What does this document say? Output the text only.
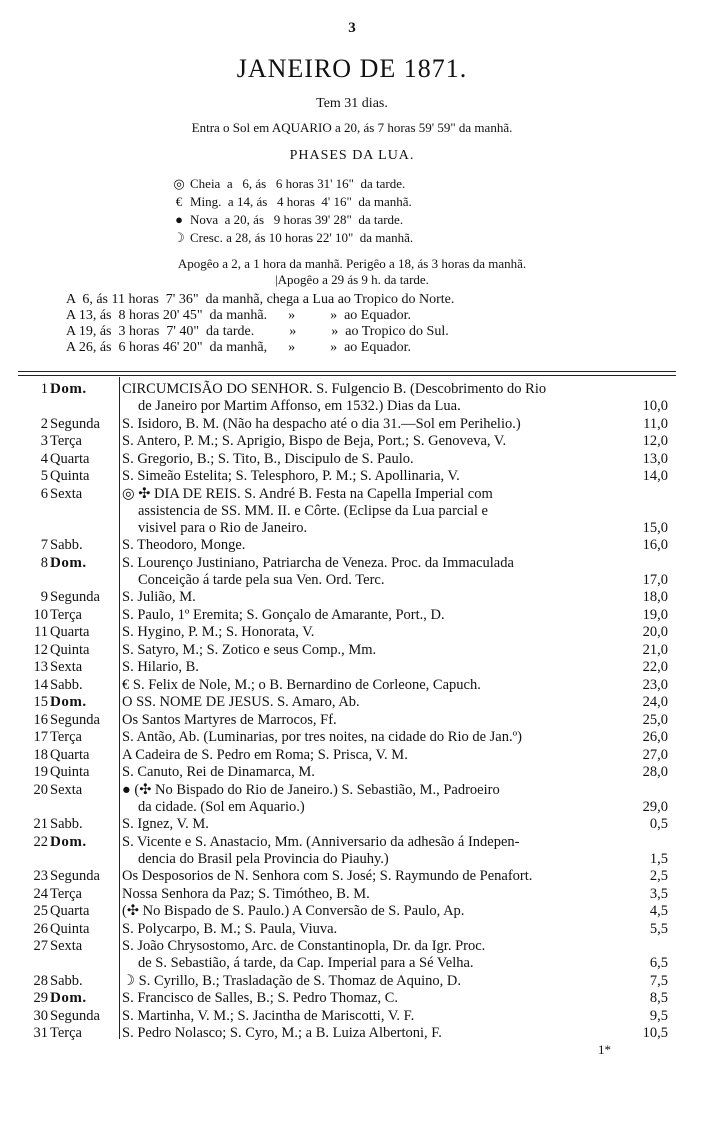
3
JANEIRO DE 1871.
Tem 31 dias.
Entra o Sol em AQUARIO a 20, ás 7 horas 59' 59" da manhã.
PHASES DA LUA.
◎ Cheia  a   6, ás   6 horas 31' 16"  da tarde.
€ Ming.  a 14, ás   4 horas  4' 16"  da manhã.
● Nova  a 20, ás   9 horas 39' 28"  da tarde.
☽ Cresc. a 28, ás 10 horas 22' 10"  da manhã.
Apogêo a 2, a 1 hora da manhã. Perigêo a 18, ás 3 horas da manhã.
|Apogêo a 29 ás 9 h. da tarde.
A  6, ás 11 horas  7' 36"  da manhã, chega a Lua ao Tropico do Norte.
A 13, ás  8 horas 20' 45"  da manhã.      »          »  ao Equador.
A 19, ás  3 horas  7' 40"  da tarde.          »          »  ao Tropico do Sul.
A 26, ás  6 horas 46' 20"  da manhã,      »          »  ao Equador.
1 Dom. CIRCUMCISÃO DO SENHOR. S. Fulgencio B. (Descobrimento do Rio
de Janeiro por Martim Affonso, em 1532.) Dias da Lua.	10,0
2 Segunda S. Isidoro, B. M. (Não ha despacho até o dia 31.—Sol em Perihelio.)	11,0
3 Terça	S. Antero, P. M.; S. Aprigio, Bispo de Beja, Port.; S. Genoveva, V.	12,0
4 Quarta S. Gregorio, B.; S. Tito, B., Discipulo de S. Paulo.	13,0
5 Quinta S. Simeão Estelita; S. Telesphoro, P. M.; S. Apollinaria, V.	14,0
6 Sexta	◎ ✣ DIA DE REIS. S. André B. Festa na Capella Imperial com
assistencia de SS. MM. II. e Côrte. (Eclipse da Lua parcial e
visivel para o Rio de Janeiro.	15,0
7 Sabb.	S. Theodoro, Monge.	16,0
8 Dom. S. Lourenço Justiniano, Patriarcha de Veneza. Proc. da Immaculada
Conceição á tarde pela sua Ven. Ord. Terc.	17,0
9 Segunda S. Julião, M.	18,0
10 Terça	S. Paulo, 1º Eremita; S. Gonçalo de Amarante, Port., D.	19,0
11 Quarta S. Hygino, P. M.; S. Honorata, V.	20,0
12 Quinta S. Satyro, M.; S. Zotico e seus Comp., Mm.	21,0
13 Sexta	S. Hilario, B.	22,0
14 Sabb.	€ S. Felix de Nole, M.; o B. Bernardino de Corleone, Capuch.	23,0
15 Dom. O SS. NOME DE JESUS. S. Amaro, Ab.	24,0
16 Segunda Os Santos Martyres de Marrocos, Ff.	25,0
17 Terça	S. Antão, Ab. (Luminarias, por tres noites, na cidade do Rio de Jan.º)	26,0
18 Quarta A Cadeira de S. Pedro em Roma; S. Prisca, V. M.	27,0
19 Quinta S. Canuto, Rei de Dinamarca, M.	28,0
20 Sexta	● (✣ No Bispado do Rio de Janeiro.) S. Sebastião, M., Padroeiro
da cidade. (Sol em Aquario.)	29,0
21 Sabb.	S. Ignez, V. M.	0,5
22 Dom. S. Vicente e S. Anastacio, Mm. (Anniversario da adhesão á Indepen-
dencia do Brasil pela Provincia do Piauhy.)	1,5
23 Segunda Os Desposorios de N. Senhora com S. José; S. Raymundo de Penafort.	2,5
24 Terça	Nossa Senhora da Paz; S. Timótheo, B. M.	3,5
25 Quarta (✣ No Bispado de S. Paulo.) A Conversão de S. Paulo, Ap.	4,5
26 Quinta S. Polycarpo, B. M.; S. Paula, Viuva.	5,5
27 Sexta	S. João Chrysostomo, Arc. de Constantinopla, Dr. da Igr. Proc.
de S. Sebastião, á tarde, da Cap. Imperial para a Sé Velha.	6,5
28 Sabb.	☽ S. Cyrillo, B.; Trasladação de S. Thomaz de Aquino, D.	7,5
29 Dom. S. Francisco de Salles, B.; S. Pedro Thomaz, C.	8,5
30 Segunda S. Martinha, V. M.; S. Jacintha de Mariscotti, V. F.	9,5
31 Terça	S. Pedro Nolasco; S. Cyro, M.; a B. Luiza Albertoni, F.	10,5
1*
